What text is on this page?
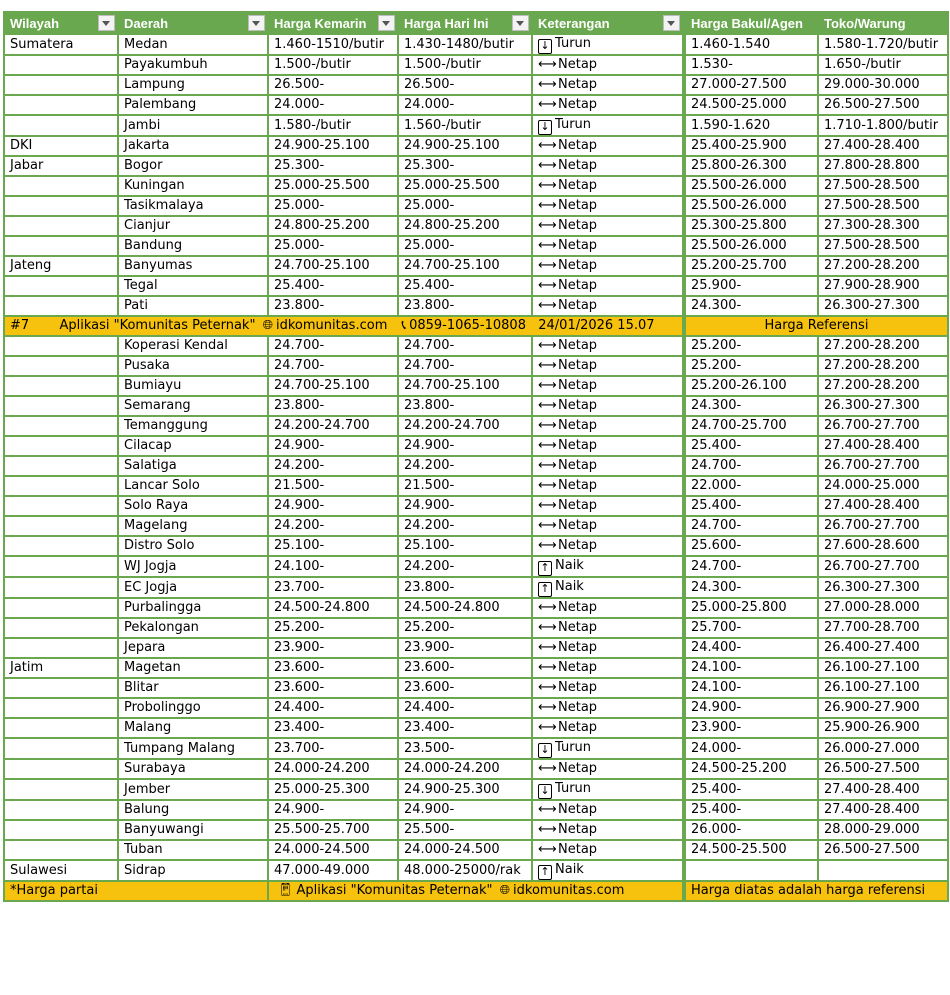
Wilayah	Daerah	Harga Kemarin	Harga Hari Ini	Keterangan	Harga Bakul/Agen	Toko/Warung
Sumatera	Medan	1.460-1510/butir	1.430-1480/butir	↓ Turun	1.460-1.540	1.580-1.720/butir
	Payakumbuh	1.500-/butir	1.500-/butir	⟷Netap	1.530-	1.650-/butir
	Lampung	26.500-	26.500-	⟷Netap	27.000-27.500	29.000-30.000
	Palembang	24.000-	24.000-	⟷Netap	24.500-25.000	26.500-27.500
	Jambi	1.580-/butir	1.560-/butir	↓ Turun	1.590-1.620	1.710-1.800/butir
DKI	Jakarta	24.900-25.100	24.900-25.100	⟷Netap	25.400-25.900	27.400-28.400
Jabar	Bogor	25.300-	25.300-	⟷Netap	25.800-26.300	27.800-28.800
	Kuningan	25.000-25.500	25.000-25.500	⟷Netap	25.500-26.000	27.500-28.500
	Tasikmalaya	25.000-	25.000-	⟷Netap	25.500-26.000	27.500-28.500
	Cianjur	24.800-25.200	24.800-25.200	⟷Netap	25.300-25.800	27.300-28.300
	Bandung	25.000-	25.000-	⟷Netap	25.500-26.000	27.500-28.500
Jateng	Banyumas	24.700-25.100	24.700-25.100	⟷Netap	25.200-25.700	27.200-28.200
	Tegal	25.400-	25.400-	⟷Netap	25.900-	27.900-28.900
	Pati	23.800-	23.800-	⟷Netap	24.300-	26.300-27.300
#7 Aplikasi "Komunitas Peternak" 🌐︎ idkomunitas.com 📞︎ 0859-1065-10808 24/01/2026 15.07					Harga Referensi	
	Koperasi Kendal	24.700-	24.700-	⟷Netap	25.200-	27.200-28.200
	Pusaka	24.700-	24.700-	⟷Netap	25.200-	27.200-28.200
	Bumiayu	24.700-25.100	24.700-25.100	⟷Netap	25.200-26.100	27.200-28.200
	Semarang	23.800-	23.800-	⟷Netap	24.300-	26.300-27.300
	Temanggung	24.200-24.700	24.200-24.700	⟷Netap	24.700-25.700	26.700-27.700
	Cilacap	24.900-	24.900-	⟷Netap	25.400-	27.400-28.400
	Salatiga	24.200-	24.200-	⟷Netap	24.700-	26.700-27.700
	Lancar Solo	21.500-	21.500-	⟷Netap	22.000-	24.000-25.000
	Solo Raya	24.900-	24.900-	⟷Netap	25.400-	27.400-28.400
	Magelang	24.200-	24.200-	⟷Netap	24.700-	26.700-27.700
	Distro Solo	25.100-	25.100-	⟷Netap	25.600-	27.600-28.600
	WJ Jogja	24.100-	24.200-	↑ Naik	24.700-	26.700-27.700
	EC Jogja	23.700-	23.800-	↑ Naik	24.300-	26.300-27.300
	Purbalingga	24.500-24.800	24.500-24.800	⟷Netap	25.000-25.800	27.000-28.000
	Pekalongan	25.200-	25.200-	⟷Netap	25.700-	27.700-28.700
	Jepara	23.900-	23.900-	⟷Netap	24.400-	26.400-27.400
Jatim	Magetan	23.600-	23.600-	⟷Netap	24.100-	26.100-27.100
	Blitar	23.600-	23.600-	⟷Netap	24.100-	26.100-27.100
	Probolinggo	24.400-	24.400-	⟷Netap	24.900-	26.900-27.900
	Malang	23.400-	23.400-	⟷Netap	23.900-	25.900-26.900
	Tumpang Malang	23.700-	23.500-	↓ Turun	24.000-	26.000-27.000
	Surabaya	24.000-24.200	24.000-24.200	⟷Netap	24.500-25.200	26.500-27.500
	Jember	25.000-25.300	24.900-25.300	↓ Turun	25.400-	27.400-28.400
	Balung	24.900-	24.900-	⟷Netap	25.400-	27.400-28.400
	Banyuwangi	25.500-25.700	25.500-	⟷Netap	26.000-	28.000-29.000
	Tuban	24.000-24.500	24.000-24.500	⟷Netap	24.500-25.500	26.500-27.500
Sulawesi	Sidrap	47.000-49.000	48.000-25000/rak	↑ Naik		
*Harga partai		📱︎ Aplikasi "Komunitas Peternak" 🌐︎ idkomunitas.com			Harga diatas adalah harga referensi	
